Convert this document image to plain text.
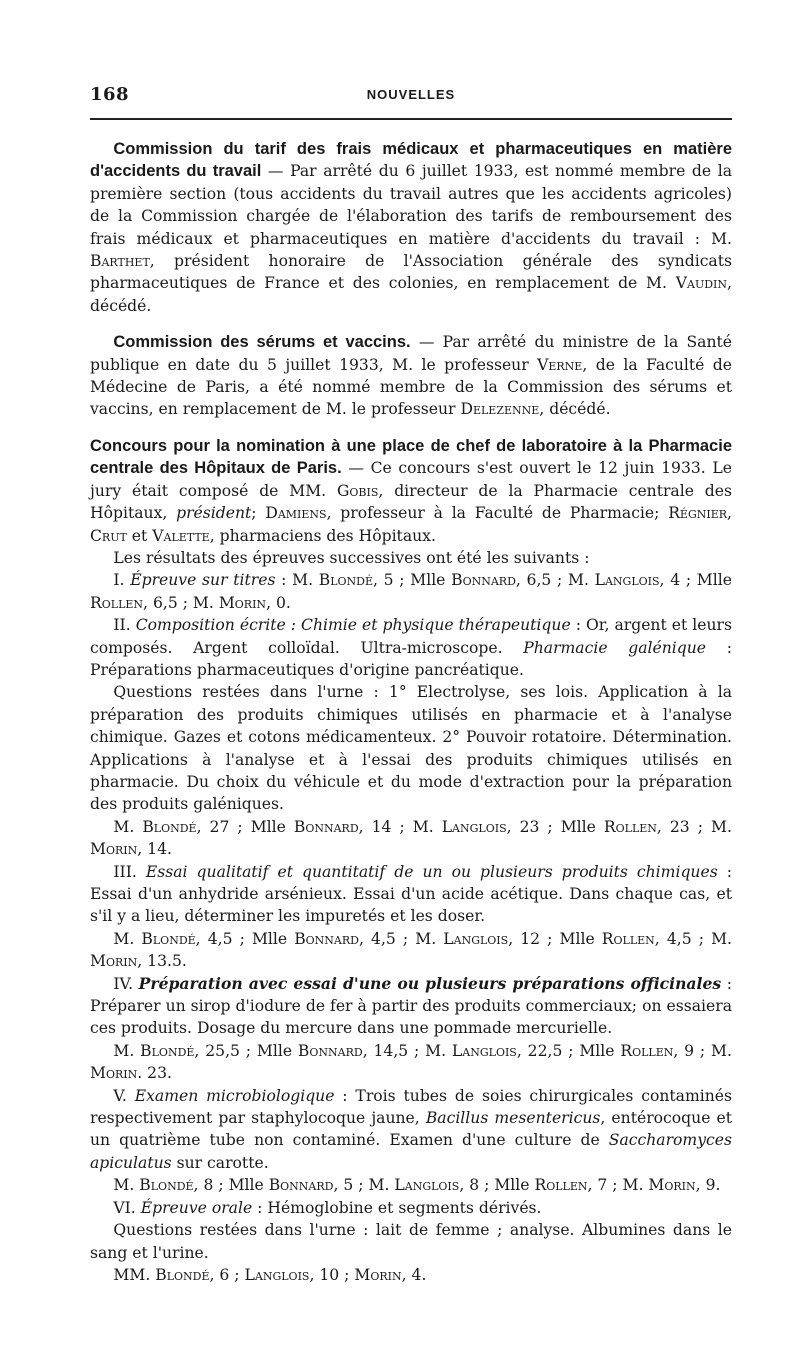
168	NOUVELLES

Commission du tarif des frais médicaux et pharmaceutiques en matière d'accidents du travail — Par arrêté du 6 juillet 1933, est nommé membre de la première section (tous accidents du travail autres que les accidents agricoles) de la Commission chargée de l'élaboration des tarifs de remboursement des frais médicaux et pharmaceutiques en matière d'accidents du travail : M. Barthet, président honoraire de l'Association générale des syndicats pharmaceutiques de France et des colonies, en remplacement de M. Vaudin, décédé.

Commission des sérums et vaccins. — Par arrêté du ministre de la Santé publique en date du 5 juillet 1933, M. le professeur Verne, de la Faculté de Médecine de Paris, a été nommé membre de la Commission des sérums et vaccins, en remplacement de M. le professeur Delezenne, décédé.

Concours pour la nomination à une place de chef de laboratoire à la Pharmacie centrale des Hôpitaux de Paris. — Ce concours s'est ouvert le 12 juin 1933. Le jury était composé de MM. Gobis, directeur de la Pharmacie centrale des Hôpitaux, président; Damiens, professeur à la Faculté de Pharmacie; Régnier, Crut et Valette, pharmaciens des Hôpitaux.

Les résultats des épreuves successives ont été les suivants :

I. Épreuve sur titres : M. Blondé, 5 ; Mlle Bonnard, 6,5 ; M. Langlois, 4 ; Mlle Rollen, 6,5 ; M. Morin, 0.

II. Composition écrite : Chimie et physique thérapeutique : Or, argent et leurs composés. Argent colloïdal. Ultra-microscope. Pharmacie galénique : Préparations pharmaceutiques d'origine pancréatique.

Questions restées dans l'urne : 1° Electrolyse, ses lois. Application à la préparation des produits chimiques utilisés en pharmacie et à l'analyse chimique. Gazes et cotons médicamenteux. 2° Pouvoir rotatoire. Détermination. Applications à l'analyse et à l'essai des produits chimiques utilisés en pharmacie. Du choix du véhicule et du mode d'extraction pour la préparation des produits galéniques.

M. Blondé, 27 ; Mlle Bonnard, 14 ; M. Langlois, 23 ; Mlle Rollen, 23 ; M. Morin, 14.

III. Essai qualitatif et quantitatif de un ou plusieurs produits chimiques : Essai d'un anhydride arsénieux. Essai d'un acide acétique. Dans chaque cas, et s'il y a lieu, déterminer les impuretés et les doser.

M. Blondé, 4,5 ; Mlle Bonnard, 4,5 ; M. Langlois, 12 ; Mlle Rollen, 4,5 ; M. Morin, 13.5.

IV. Préparation avec essai d'une ou plusieurs préparations officinales : Préparer un sirop d'iodure de fer à partir des produits commerciaux; on essaiera ces produits. Dosage du mercure dans une pommade mercurielle.

M. Blondé, 25,5 ; Mlle Bonnard, 14,5 ; M. Langlois, 22,5 ; Mlle Rollen, 9 ; M. Morin. 23.

V. Examen microbiologique : Trois tubes de soies chirurgicales contaminés respectivement par staphylocoque jaune, Bacillus mesentericus, entérocoque et un quatrième tube non contaminé. Examen d'une culture de Saccharomyces apiculatus sur carotte.

M. Blondé, 8 ; Mlle Bonnard, 5 ; M. Langlois, 8 ; Mlle Rollen, 7 ; M. Morin, 9.

VI. Épreuve orale : Hémoglobine et segments dérivés.

Questions restées dans l'urne : lait de femme ; analyse. Albumines dans le sang et l'urine.

MM. Blondé, 6 ; Langlois, 10 ; Morin, 4.
